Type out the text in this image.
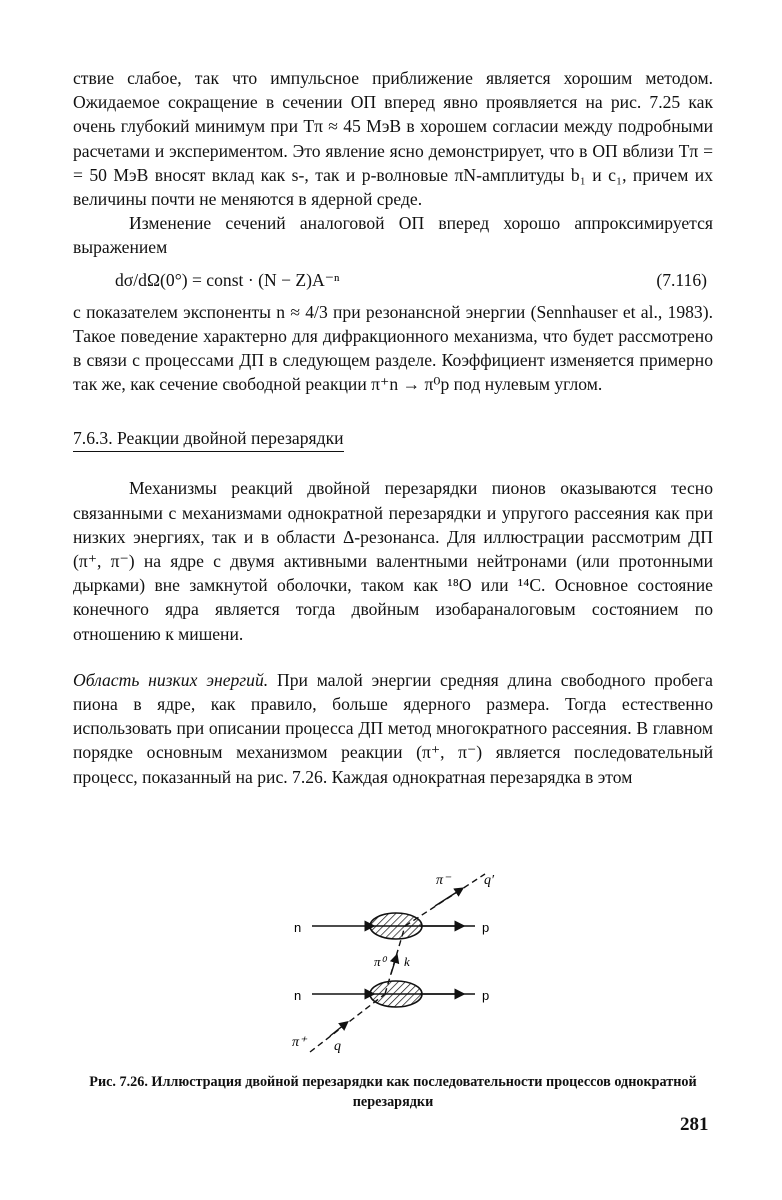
ствие слабое, так что импульсное приближение является хорошим методом. Ожидаемое сокращение в сечении ОП вперед явно проявляется на рис. 7.25 как очень глубокий минимум при Tπ ≈ 45 МэВ в хорошем согласии между подробными расчетами и экспериментом. Это явление ясно демонстрирует, что в ОП вблизи Tπ = = 50 МэВ вносят вклад как s-, так и p-волновые πN-амплитуды b₁ и c₁, причем их величины почти не меняются в ядерной среде.

Изменение сечений аналоговой ОП вперед хорошо аппроксимируется выражением

dσ/dΩ(0°) = const · (N − Z)A⁻ⁿ	(7.116)

с показателем экспоненты n ≈ 4/3 при резонансной энергии (Sennhauser et al., 1983). Такое поведение характерно для дифракционного механизма, что будет рассмотрено в связи с процессами ДП в следующем разделе. Коэффициент изменяется примерно так же, как сечение свободной реакции π⁺n → π⁰p под нулевым углом.

7.6.3. Реакции двойной перезарядки

Механизмы реакций двойной перезарядки пионов оказываются тесно связанными с механизмами однократной перезарядки и упругого рассеяния как при низких энергиях, так и в области Δ-резонанса. Для иллюстрации рассмотрим ДП (π⁺, π⁻) на ядре с двумя активными валентными нейтронами (или протонными дырками) вне замкнутой оболочки, таком как ¹⁸O или ¹⁴C. Основное состояние конечного ядра является тогда двойным изобараналоговым состоянием по отношению к мишени.

Область низких энергий. При малой энергии средняя длина свободного пробега пиона в ядре, как правило, больше ядерного размера. Тогда естественно использовать при описании процесса ДП метод многократного рассеяния. В главном порядке основным механизмом реакции (π⁺, π⁻) является последовательный процесс, показанный на рис. 7.26. Каждая однократная перезарядка в этом

π⁻ q′
n	p
π⁰ k
n	p
π⁺ q
Рис. 7.26. Иллюстрация двойной перезарядки как последовательности процессов однократной перезарядки
281
